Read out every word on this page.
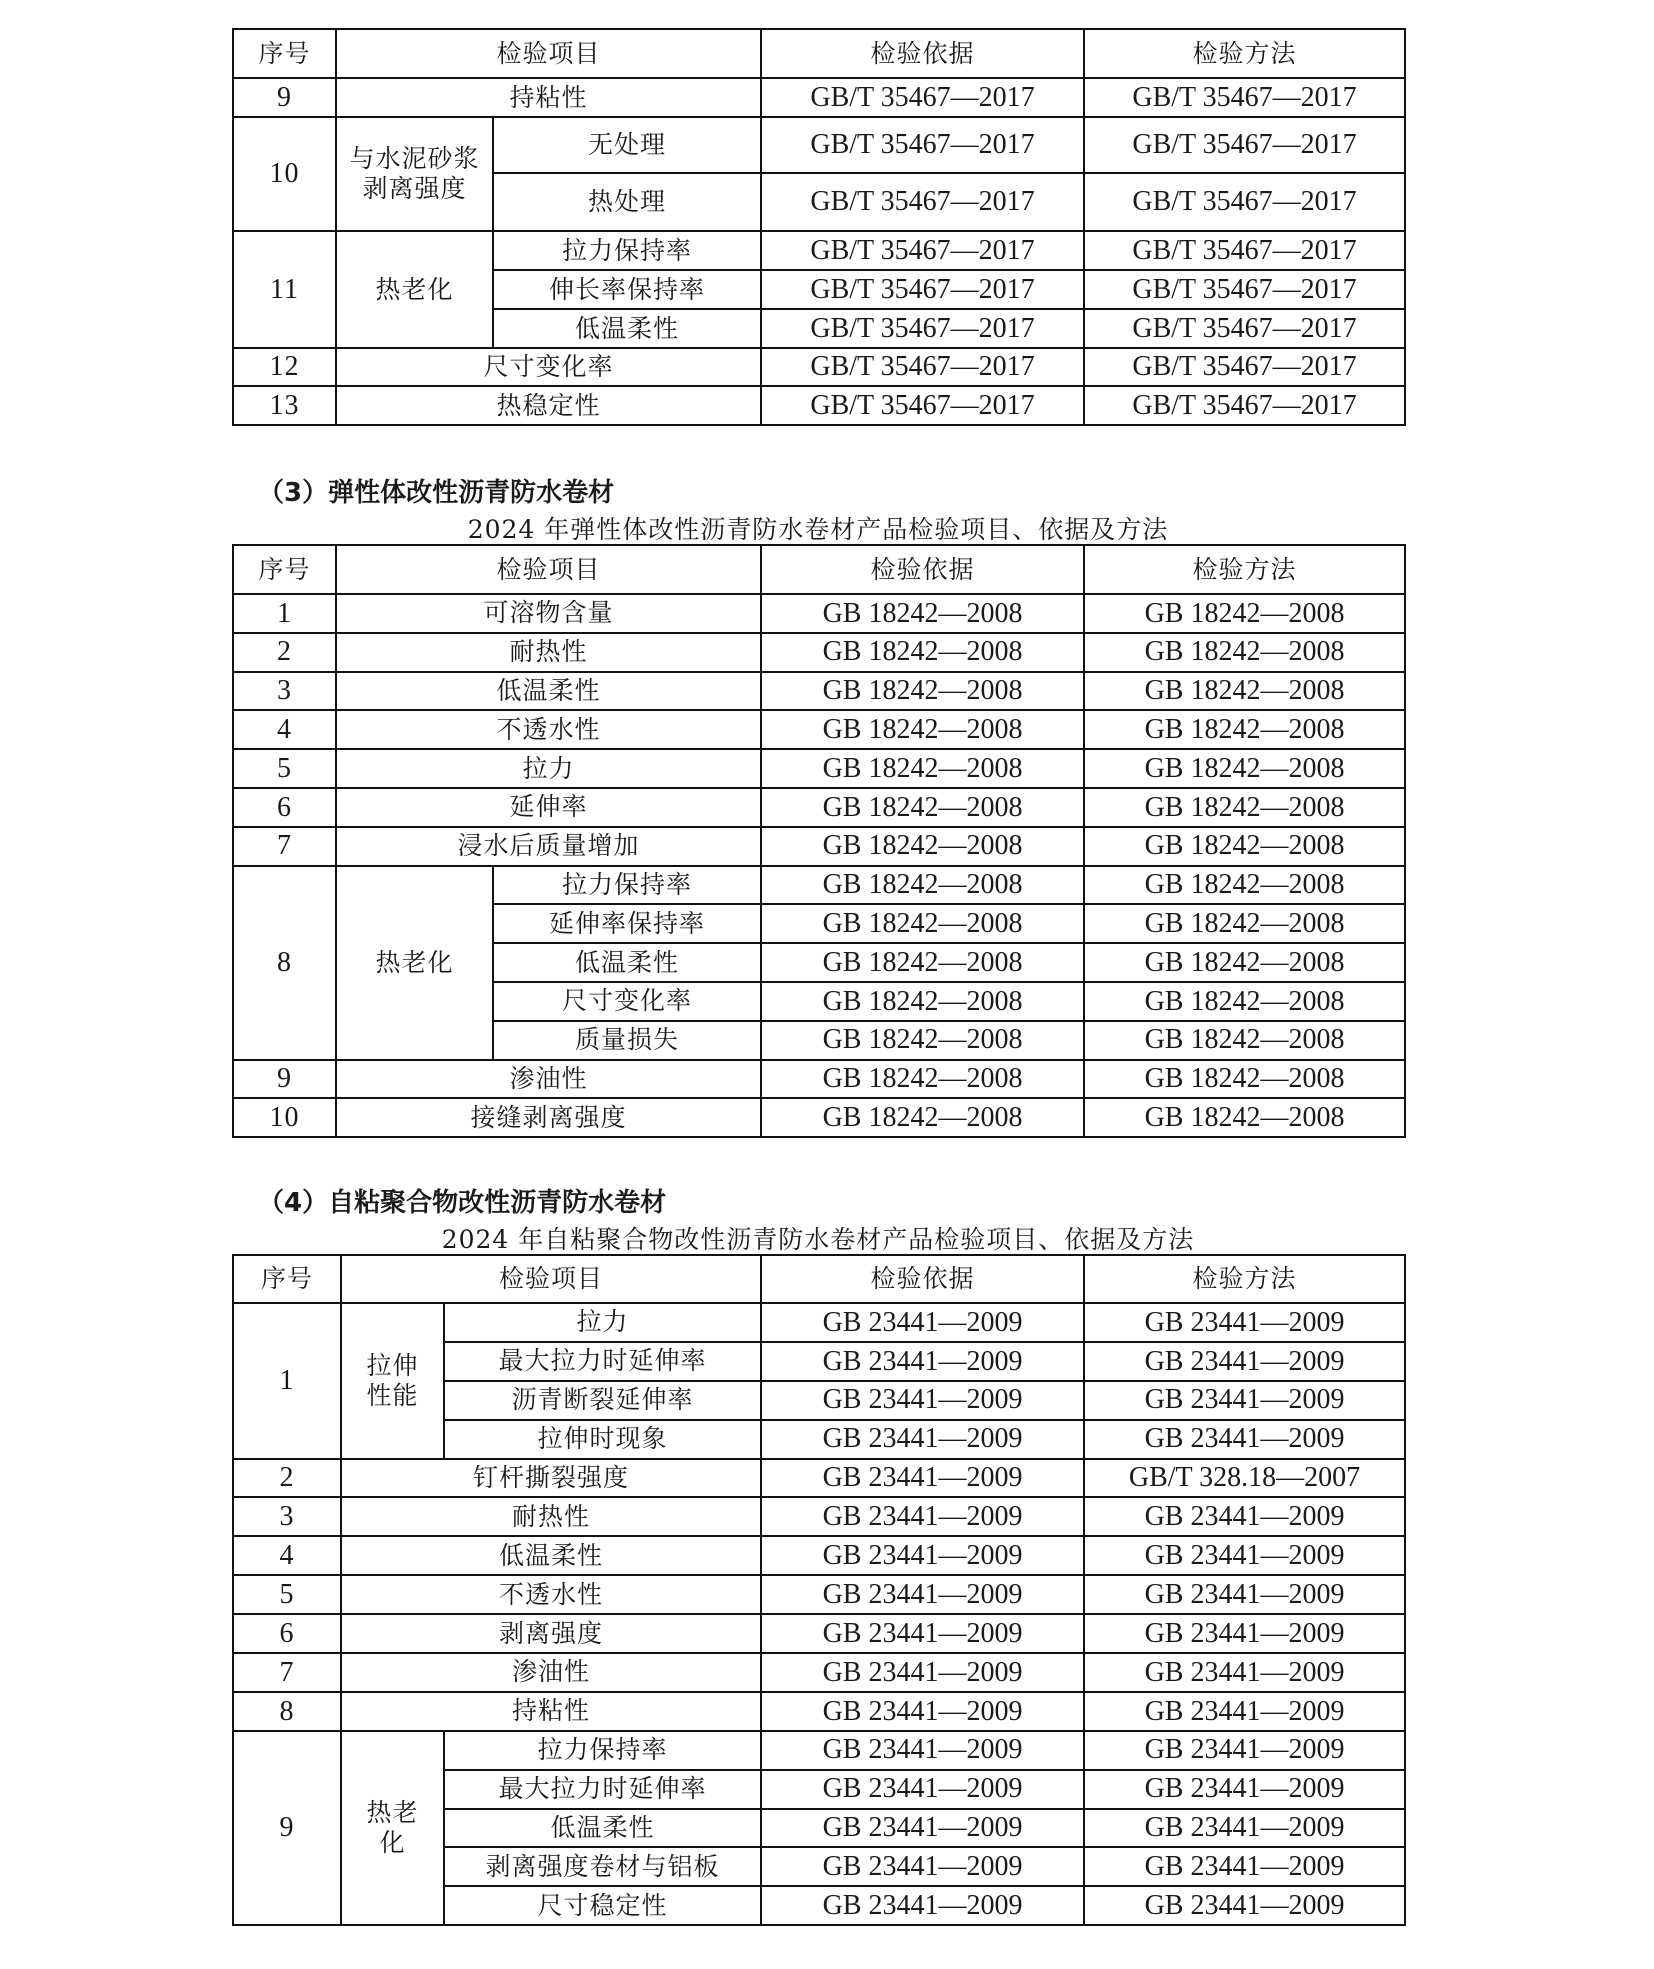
序号	检验项目		检验依据	检验方法
9	持粘性		GB/T 35467—2017	GB/T 35467—2017
10	与水泥砂浆剥离强度	无处理	GB/T 35467—2017	GB/T 35467—2017
		热处理	GB/T 35467—2017	GB/T 35467—2017
11	热老化	拉力保持率	GB/T 35467—2017	GB/T 35467—2017
		伸长率保持率	GB/T 35467—2017	GB/T 35467—2017
		低温柔性	GB/T 35467—2017	GB/T 35467—2017
12	尺寸变化率		GB/T 35467—2017	GB/T 35467—2017
13	热稳定性		GB/T 35467—2017	GB/T 35467—2017
（3）弹性体改性沥青防水卷材
2024 年弹性体改性沥青防水卷材产品检验项目、依据及方法
序号	检验项目		检验依据	检验方法
1	可溶物含量		GB 18242—2008	GB 18242—2008
2	耐热性		GB 18242—2008	GB 18242—2008
3	低温柔性		GB 18242—2008	GB 18242—2008
4	不透水性		GB 18242—2008	GB 18242—2008
5	拉力		GB 18242—2008	GB 18242—2008
6	延伸率		GB 18242—2008	GB 18242—2008
7	浸水后质量增加		GB 18242—2008	GB 18242—2008
8	热老化	拉力保持率	GB 18242—2008	GB 18242—2008
		延伸率保持率	GB 18242—2008	GB 18242—2008
		低温柔性	GB 18242—2008	GB 18242—2008
		尺寸变化率	GB 18242—2008	GB 18242—2008
		质量损失	GB 18242—2008	GB 18242—2008
9	渗油性		GB 18242—2008	GB 18242—2008
10	接缝剥离强度		GB 18242—2008	GB 18242—2008
（4）自粘聚合物改性沥青防水卷材
2024 年自粘聚合物改性沥青防水卷材产品检验项目、依据及方法
序号	检验项目		检验依据	检验方法
1	拉伸性能	拉力	GB 23441—2009	GB 23441—2009
		最大拉力时延伸率	GB 23441—2009	GB 23441—2009
		沥青断裂延伸率	GB 23441—2009	GB 23441—2009
		拉伸时现象	GB 23441—2009	GB 23441—2009
2	钉杆撕裂强度		GB 23441—2009	GB/T 328.18—2007
3	耐热性		GB 23441—2009	GB 23441—2009
4	低温柔性		GB 23441—2009	GB 23441—2009
5	不透水性		GB 23441—2009	GB 23441—2009
6	剥离强度		GB 23441—2009	GB 23441—2009
7	渗油性		GB 23441—2009	GB 23441—2009
8	持粘性		GB 23441—2009	GB 23441—2009
9	热老化	拉力保持率	GB 23441—2009	GB 23441—2009
		最大拉力时延伸率	GB 23441—2009	GB 23441—2009
		低温柔性	GB 23441—2009	GB 23441—2009
		剥离强度卷材与铝板	GB 23441—2009	GB 23441—2009
		尺寸稳定性	GB 23441—2009	GB 23441—2009
